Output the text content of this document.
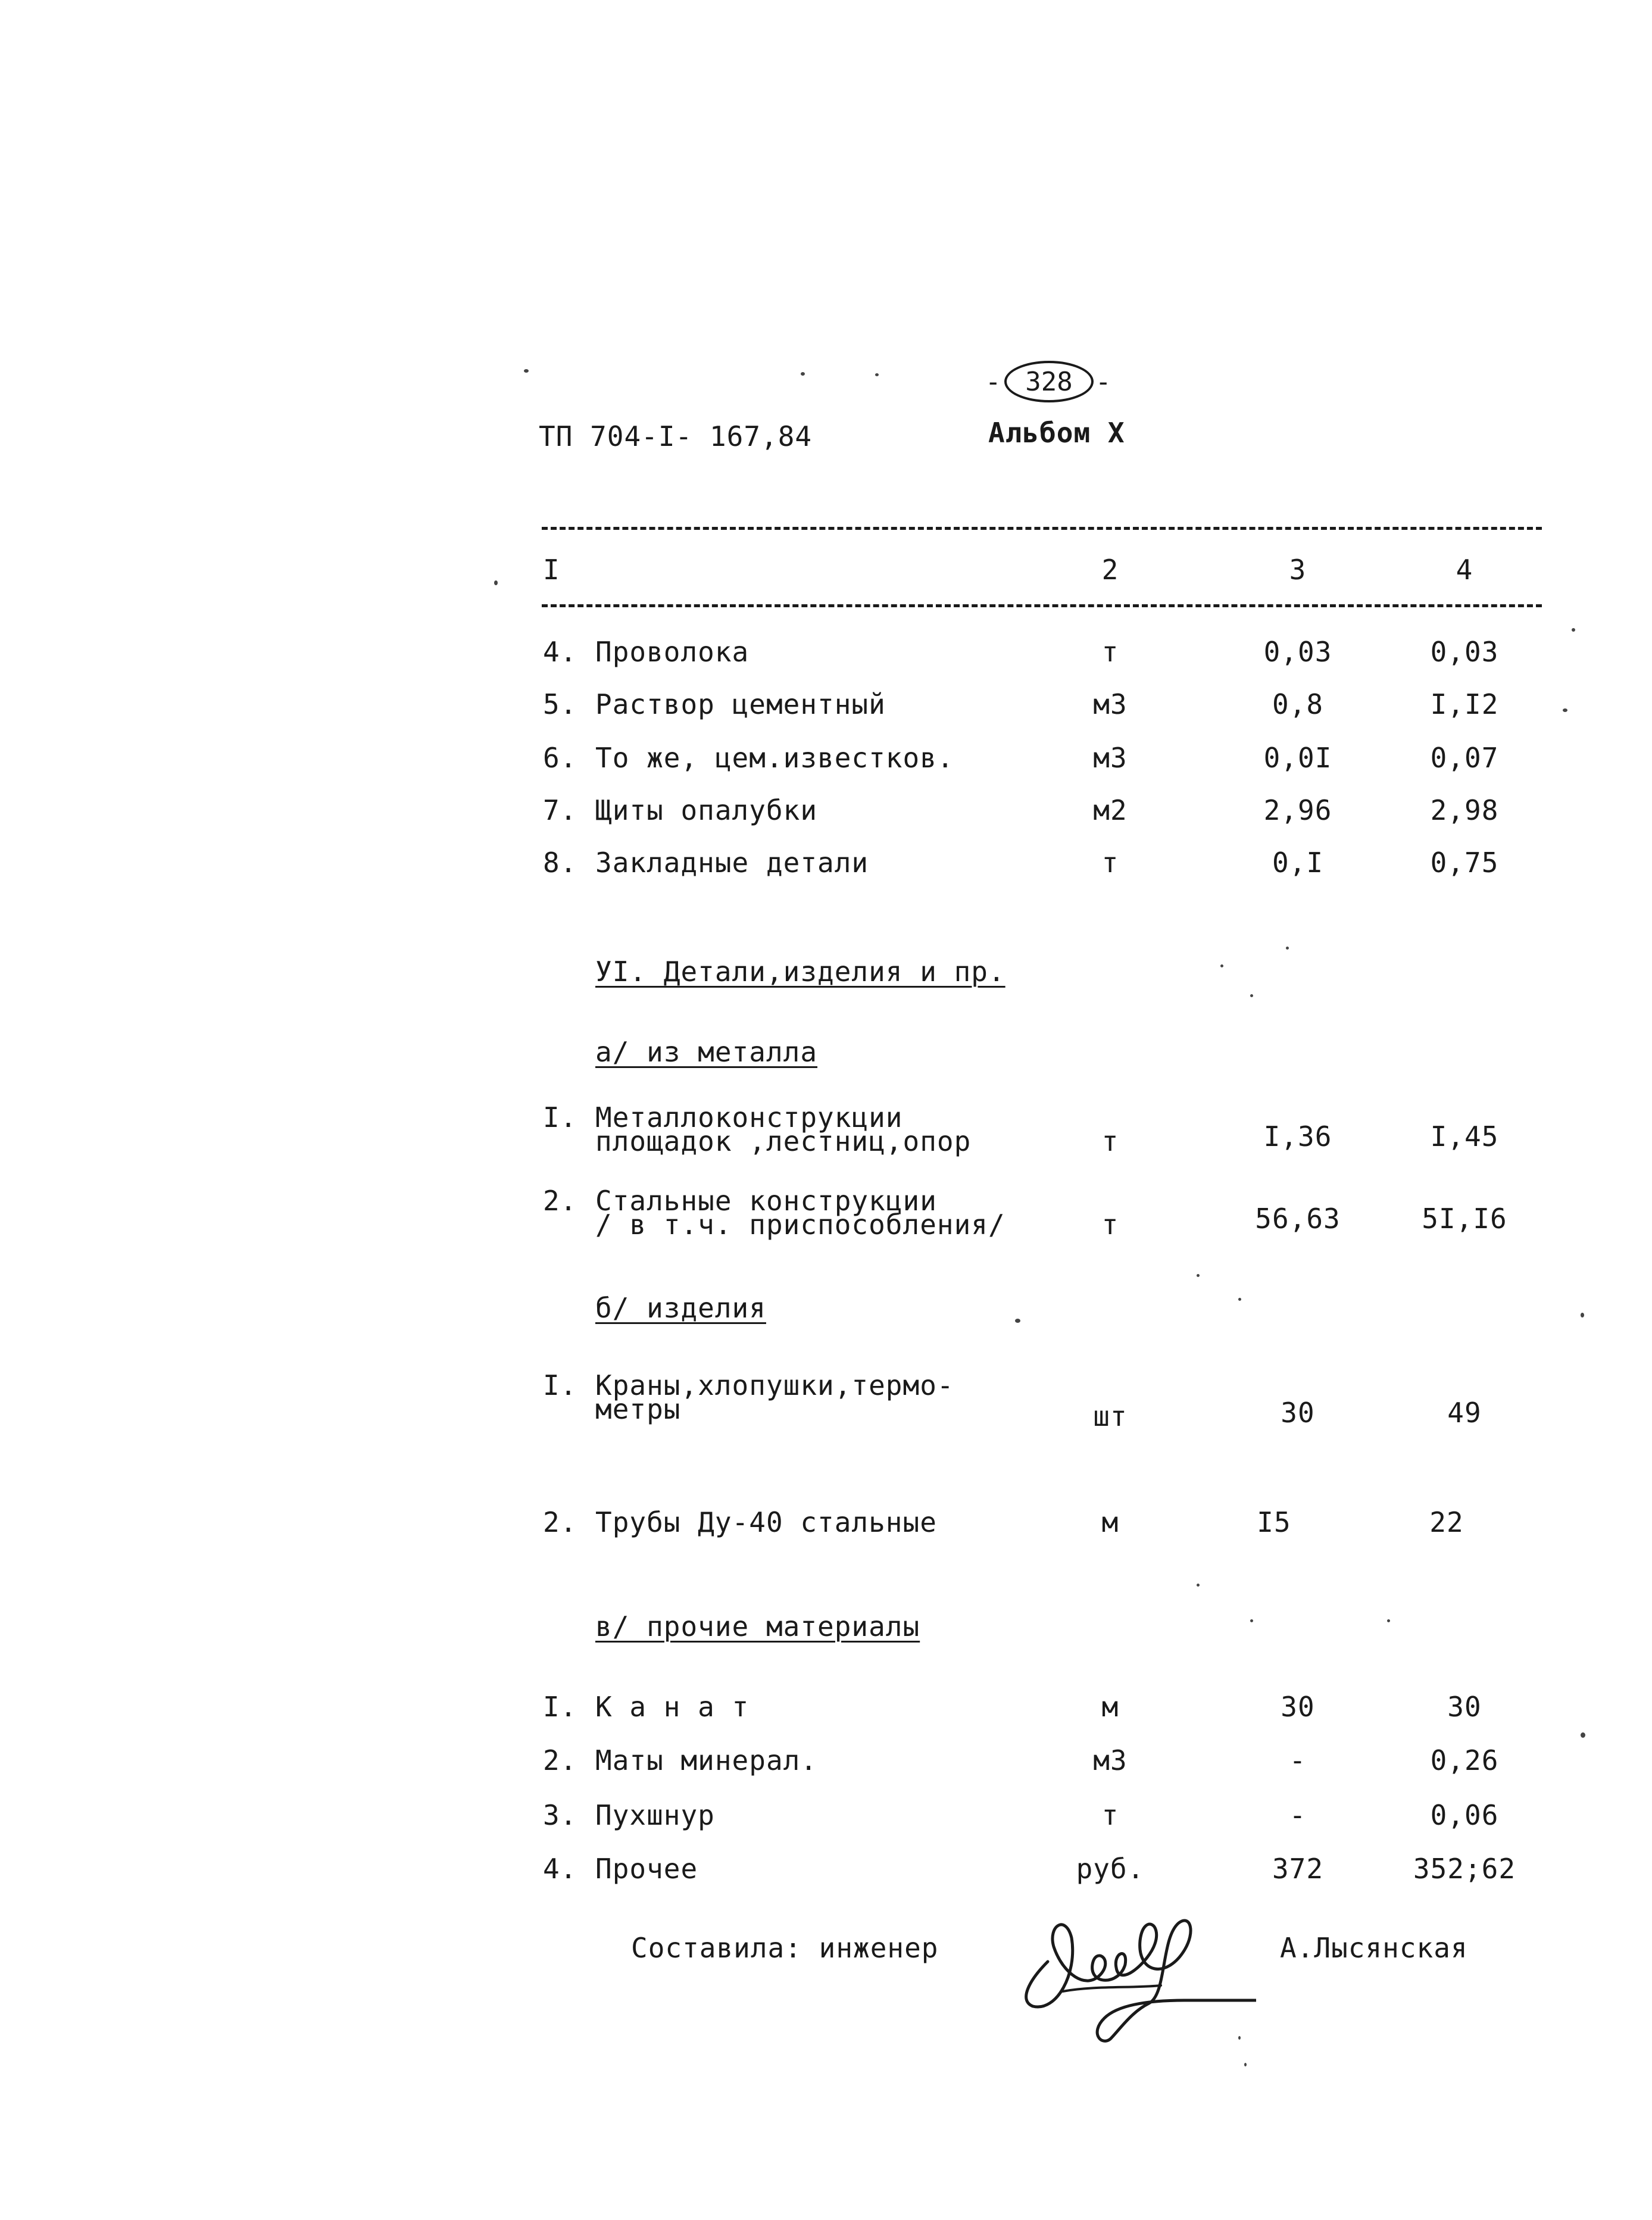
- 328 -
ТП 704-І- 167,84	Альбом Х
І	2	3	4
4. Проволока	т	0,03	0,03
5. Раствор цементный	м3	0,8	І,І2
6. То же, цем.известков.	м3	0,0І	0,07
7. Щиты опалубки	м2	2,96	2,98
8. Закладные детали	т	0,І	0,75
УІ. Детали,изделия и пр.
а/ из металла
І. Металлоконструкции
площадок ,лестниц,опор	т	І,36	І,45
2. Стальные конструкции
/ в т.ч. приспособления/	т	56,63	5І,І6
б/ изделия
І. Краны,хлопушки,термо-
метры	шт	30	49
2. Трубы Ду-40 стальные	м	І5	22
в/ прочие материалы
І. К а н а т	м	30	30
2. Маты минерал.	м3	-	0,26
3. Пухшнур	т	-	0,06
4. Прочее	руб.	372	352;62
Составила: инженер	А.Лысянская
